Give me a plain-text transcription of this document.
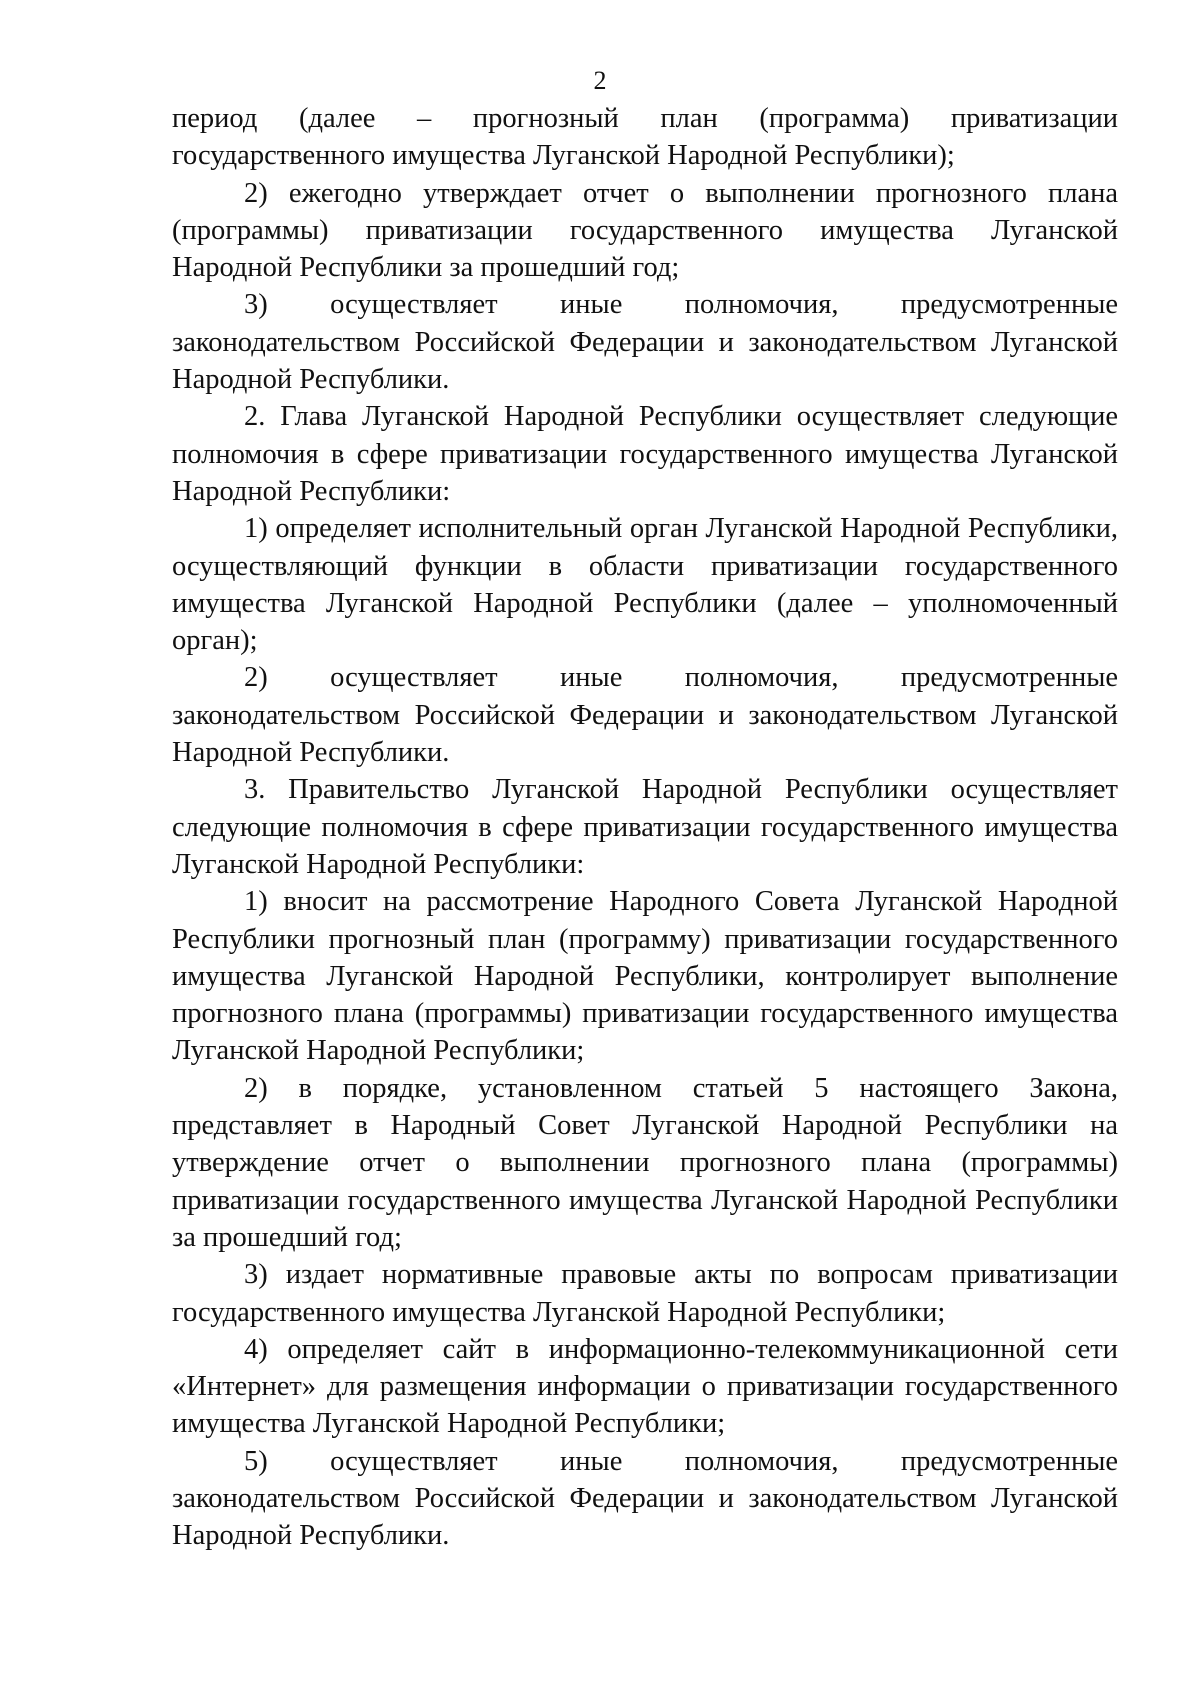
2

период (далее – прогнозный план (программа) приватизации государственного имущества Луганской Народной Республики);

2) ежегодно утверждает отчет о выполнении прогнозного плана (программы) приватизации государственного имущества Луганской Народной Республики за прошедший год;

3) осуществляет иные полномочия, предусмотренные законодательством Российской Федерации и законодательством Луганской Народной Республики.

2. Глава Луганской Народной Республики осуществляет следующие полномочия в сфере приватизации государственного имущества Луганской Народной Республики:

1) определяет исполнительный орган Луганской Народной Республики, осуществляющий функции в области приватизации государственного имущества Луганской Народной Республики (далее – уполномоченный орган);

2) осуществляет иные полномочия, предусмотренные законодательством Российской Федерации и законодательством Луганской Народной Республики.

3. Правительство Луганской Народной Республики осуществляет следующие полномочия в сфере приватизации государственного имущества Луганской Народной Республики:

1) вносит на рассмотрение Народного Совета Луганской Народной Республики прогнозный план (программу) приватизации государственного имущества Луганской Народной Республики, контролирует выполнение прогнозного плана (программы) приватизации государственного имущества Луганской Народной Республики;

2) в порядке, установленном статьей 5 настоящего Закона, представляет в Народный Совет Луганской Народной Республики на утверждение отчет о выполнении прогнозного плана (программы) приватизации государственного имущества Луганской Народной Республики за прошедший год;

3) издает нормативные правовые акты по вопросам приватизации государственного имущества Луганской Народной Республики;

4) определяет сайт в информационно-телекоммуникационной сети «Интернет» для размещения информации о приватизации государственного имущества Луганской Народной Республики;

5) осуществляет иные полномочия, предусмотренные законодательством Российской Федерации и законодательством Луганской Народной Республики.
